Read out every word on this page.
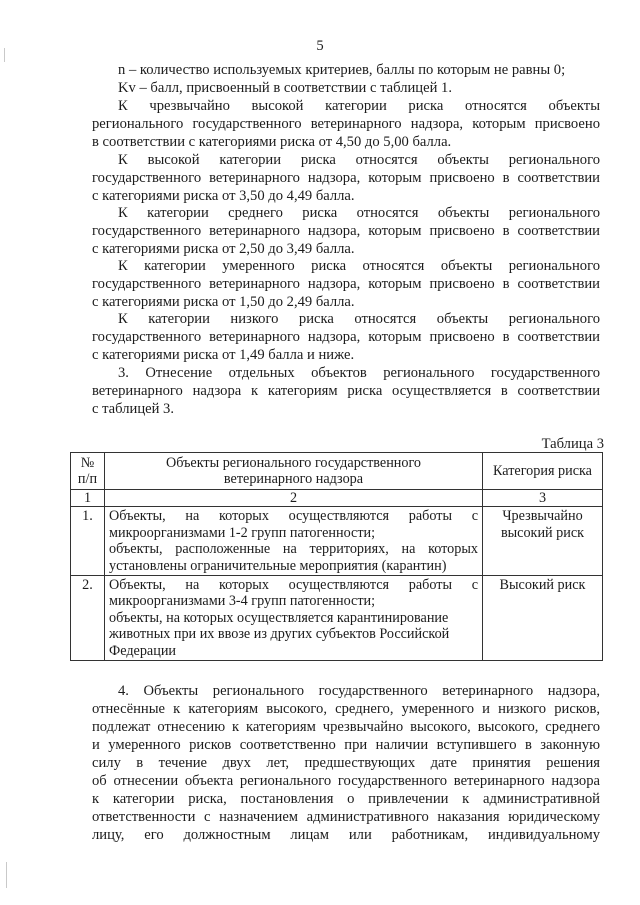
5
n – количество используемых критериев, баллы по которым не равны 0;
Kv – балл, присвоенный в соответствии с таблицей 1.
К чрезвычайно высокой категории риска относятся объекты
регионального государственного ветеринарного надзора, которым присвоено
в соответствии с категориями риска от 4,50 до 5,00 балла.
К высокой категории риска относятся объекты регионального
государственного ветеринарного надзора, которым присвоено в соответствии
с категориями риска от 3,50 до 4,49 балла.
К категории среднего риска относятся объекты регионального
государственного ветеринарного надзора, которым присвоено в соответствии
с категориями риска от 2,50 до 3,49 балла.
К категории умеренного риска относятся объекты регионального
государственного ветеринарного надзора, которым присвоено в соответствии
с категориями риска от 1,50 до 2,49 балла.
К категории низкого риска относятся объекты регионального
государственного ветеринарного надзора, которым присвоено в соответствии
с категориями риска от 1,49 балла и ниже.
3. Отнесение отдельных объектов регионального государственного
ветеринарного надзора к категориям риска осуществляется в соответствии
с таблицей 3.
Таблица 3
№
п/п	Объекты регионального государственного
ветеринарного надзора	Категория риска
1	2	3
1.	Объекты, на которых осуществляются работы с
микроорганизмами 1-2 групп патогенности;
объекты, расположенные на территориях, на которых
установлены ограничительные мероприятия (карантин)	Чрезвычайно
высокий риск

2.	Объекты, на которых осуществляются работы с
микроорганизмами 3-4 групп патогенности;
объекты, на которых осуществляется карантинирование
животных при их ввозе из других субъектов Российской
Федерации	Высокий риск
4. Объекты регионального государственного ветеринарного надзора,
отнесённые к категориям высокого, среднего, умеренного и низкого рисков,
подлежат отнесению к категориям чрезвычайно высокого, высокого, среднего
и умеренного рисков соответственно при наличии вступившего в законную
силу в течение двух лет, предшествующих дате принятия решения
об отнесении объекта регионального государственного ветеринарного надзора
к категории риска, постановления о привлечении к административной
ответственности с назначением административного наказания юридическому
лицу, его должностным лицам или работникам, индивидуальному
